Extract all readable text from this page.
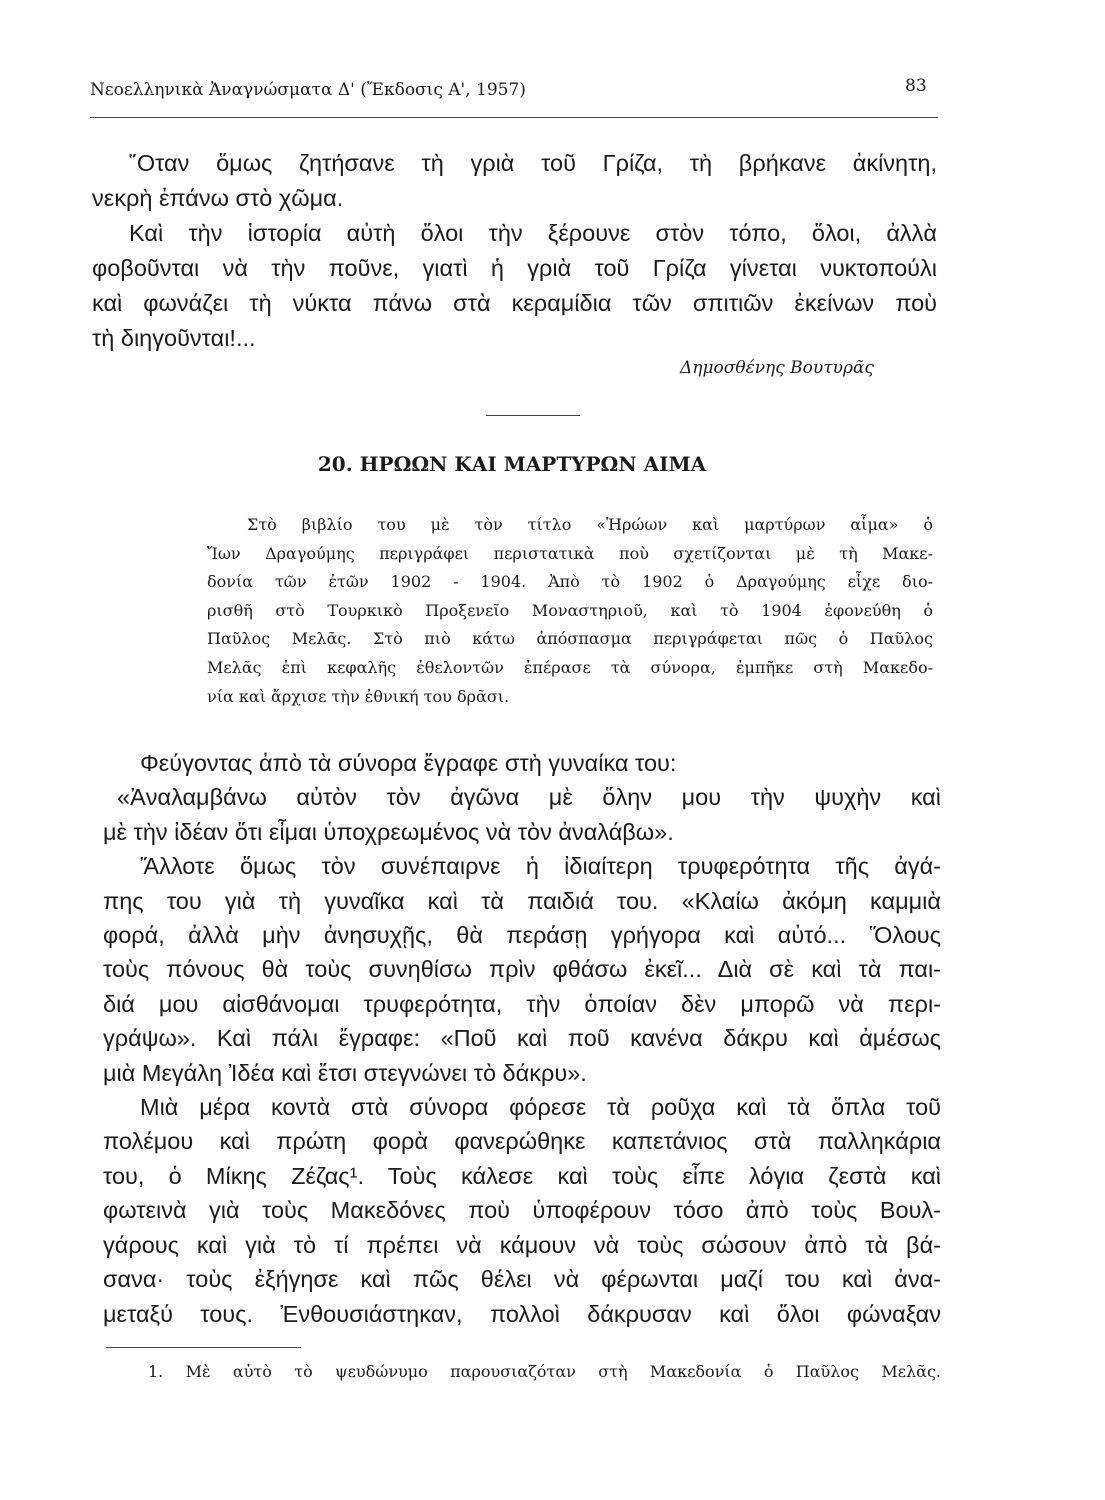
Νεοελληνικὰ Ἀναγνώσματα Δ' (Ἔκδοσις Α', 1957)	83
῞Οταν ὅμως ζητήσανε τὴ γριὰ τοῦ Γρίζα, τὴ βρήκανε ἀκίνητη,
νεκρὴ ἐπάνω στὸ χῶμα.
Καὶ τὴν ἱστορία αὐτὴ ὅλοι τὴν ξέρουνε στὸν τόπο, ὅλοι, ἀλλὰ
φοβοῦνται νὰ τὴν ποῦνε, γιατὶ ἡ γριὰ τοῦ Γρίζα γίνεται νυκτοπούλι
καὶ φωνάζει τὴ νύκτα πάνω στὰ κεραμίδια τῶν σπιτιῶν ἐκείνων ποὺ
τὴ διηγοῦνται!...
Δημοσθένης Βουτυρᾶς
20. ΗΡΩΩΝ ΚΑΙ ΜΑΡΤΥΡΩΝ ΑΙΜΑ
Στὸ βιβλίο του μὲ τὸν τίτλο «Ἡρώων καὶ μαρτύρων αἷμα» ὁ
Ἴων Δραγούμης περιγράφει περιστατικὰ ποὺ σχετίζονται μὲ τὴ Μακε-
δονία τῶν ἐτῶν 1902 - 1904. Ἀπὸ τὸ 1902 ὁ Δραγούμης εἶχε διο-
ρισθῆ στὸ Τουρκικὸ Προξενεῖο Μοναστηριοῦ, καὶ τὸ 1904 ἐφονεύθη ὁ
Παῦλος Μελᾶς. Στὸ πιὸ κάτω ἀπόσπασμα περιγράφεται πῶς ὁ Παῦλος
Μελᾶς ἐπὶ κεφαλῆς ἐθελοντῶν ἐπέρασε τὰ σύνορα, ἐμπῆκε στὴ Μακεδο-
νία καὶ ἄρχισε τὴν ἐθνική του δρᾶσι.
Φεύγοντας ἀπὸ τὰ σύνορα ἔγραφε στὴ γυναίκα του:
«Ἀναλαμβάνω αὐτὸν τὸν ἀγῶνα μὲ ὅλην μου τὴν ψυχὴν καὶ
μὲ τὴν ἰδέαν ὅτι εἶμαι ὑποχρεωμένος νὰ τὸν ἀναλάβω».
Ἄλλοτε ὅμως τὸν συνέπαιρνε ἡ ἰδιαίτερη τρυφερότητα τῆς ἀγά-
πης του γιὰ τὴ γυναῖκα καὶ τὰ παιδιά του. «Κλαίω ἀκόμη καμμιὰ
φορά, ἀλλὰ μὴν ἀνησυχῇς, θὰ περάσῃ γρήγορα καὶ αὐτό... Ὅλους
τοὺς πόνους θὰ τοὺς συνηθίσω πρὶν φθάσω ἐκεῖ... Διὰ σὲ καὶ τὰ παι-
διά μου αἰσθάνομαι τρυφερότητα, τὴν ὁποίαν δὲν μπορῶ νὰ περι-
γράψω». Καὶ πάλι ἔγραφε: «Ποῦ καὶ ποῦ κανένα δάκρυ καὶ ἀμέσως
μιὰ Μεγάλη Ἰδέα καὶ ἔτσι στεγνώνει τὸ δάκρυ».
Μιὰ μέρα κοντὰ στὰ σύνορα φόρεσε τὰ ροῦχα καὶ τὰ ὅπλα τοῦ
πολέμου καὶ πρώτη φορὰ φανερώθηκε καπετάνιος στὰ παλληκάρια
του, ὁ Μίκης Ζέζας¹. Τοὺς κάλεσε καὶ τοὺς εἶπε λόγια ζεστὰ καὶ
φωτεινὰ γιὰ τοὺς Μακεδόνες ποὺ ὑποφέρουν τόσο ἀπὸ τοὺς Βουλ-
γάρους καὶ γιὰ τὸ τί πρέπει νὰ κάμουν νὰ τοὺς σώσουν ἀπὸ τὰ βά-
σανα· τοὺς ἐξήγησε καὶ πῶς θέλει νὰ φέρωνται μαζί του καὶ ἀνα-
μεταξύ τους. Ἐνθουσιάστηκαν, πολλοὶ δάκρυσαν καὶ ὅλοι φώναξαν
1. Μὲ αὐτὸ τὸ ψευδώνυμο παρουσιαζόταν στὴ Μακεδονία ὁ Παῦλος Μελᾶς.
